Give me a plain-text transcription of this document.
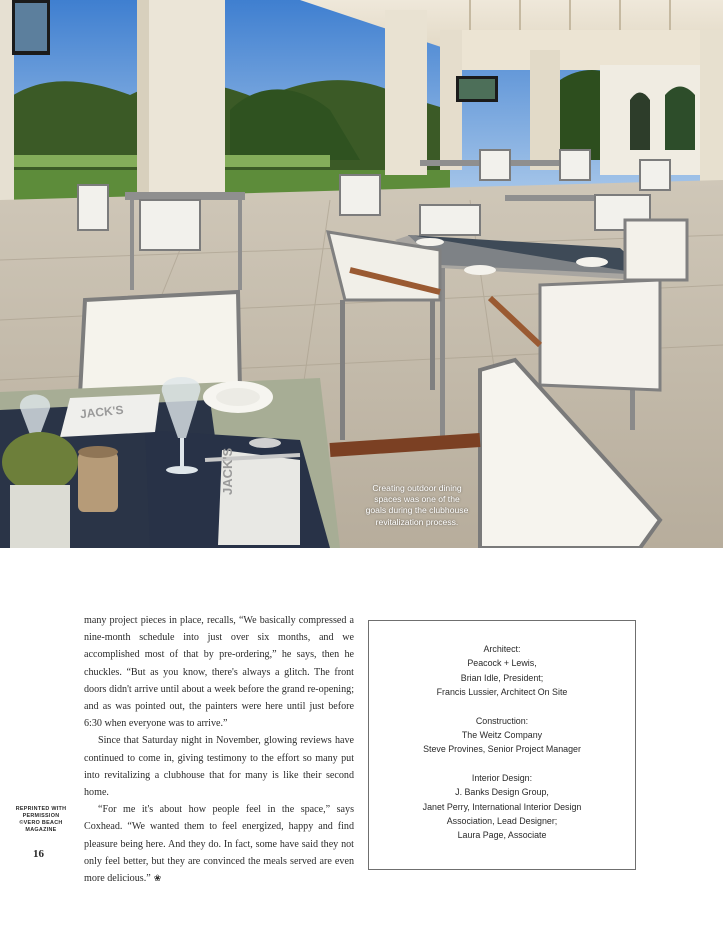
JACK'S
JACK'S	Creating outdoor dining
spaces was one of the
goals during the clubhouse
revitalization process.

many project pieces in place, recalls, “We basically compressed a nine-month schedule into just over six months, and we accomplished most of that by pre-ordering,” he says, then he chuckles. “But as you know, there's always a glitch. The front doors didn't arrive until about a week before the grand re-opening; and as was pointed out, the painters were here until just before 6:30 when everyone was to arrive.”

Since that Saturday night in November, glowing reviews have continued to come in, giving testimony to the effort so many put into revitalizing a clubhouse that for many is like their second home.

“For me it's about how people feel in the space,” says Coxhead. “We wanted them to feel energized, happy and find pleasure being here. And they do. In fact, some have said they not only feel better, but they are convinced the meals served are even more delicious.” ❀

REPRINTED WITH
PERMISSION
©VERO BEACH
MAGAZINE
16
Architect:
Peacock + Lewis,
Brian Idle, President;
Francis Lussier, Architect On Site
Construction:
The Weitz Company
Steve Provines, Senior Project Manager
Interior Design:
J. Banks Design Group,
Janet Perry, International Interior Design
Association, Lead Designer;
Laura Page, Associate
